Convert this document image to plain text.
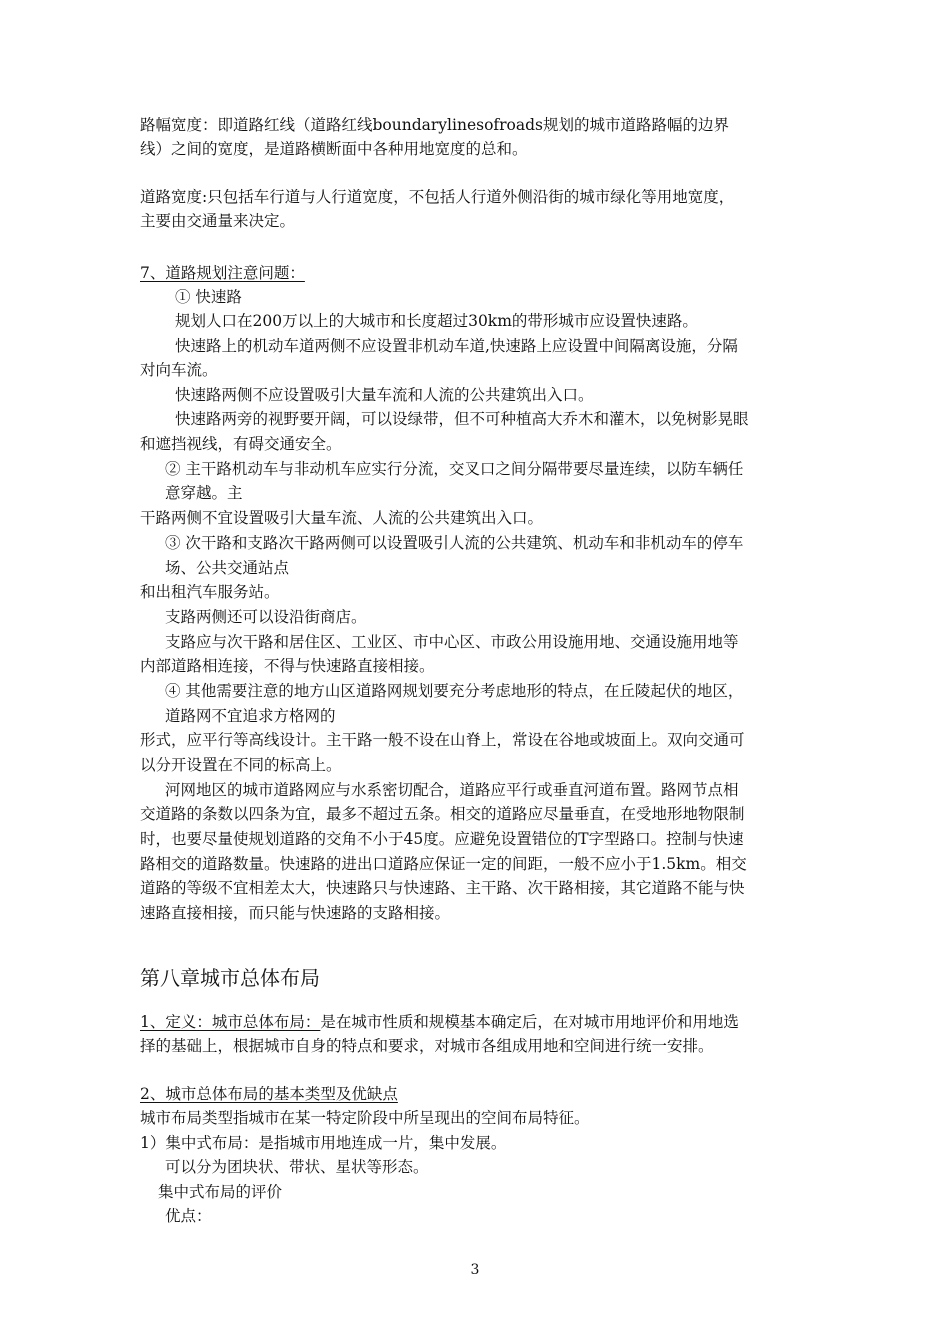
路幅宽度：即道路红线（道路红线boundarylinesofroads规划的城市道路路幅的边界
线）之间的宽度，是道路横断面中各种用地宽度的总和。
道路宽度:只包括车行道与人行道宽度，不包括人行道外侧沿街的城市绿化等用地宽度，
主要由交通量来决定。
7、道路规划注意问题：
① 快速路
规划人口在200万以上的大城市和长度超过30km的带形城市应设置快速路。
快速路上的机动车道两侧不应设置非机动车道,快速路上应设置中间隔离设施，分隔
对向车流。
快速路两侧不应设置吸引大量车流和人流的公共建筑出入口。
快速路两旁的视野要开阔，可以设绿带，但不可种植高大乔木和灌木，以免树影晃眼
和遮挡视线，有碍交通安全。
② 主干路机动车与非动机车应实行分流，交叉口之间分隔带要尽量连续，以防车辆任
意穿越。主
干路两侧不宜设置吸引大量车流、人流的公共建筑出入口。
③ 次干路和支路次干路两侧可以设置吸引人流的公共建筑、机动车和非机动车的停车
场、公共交通站点
和出租汽车服务站。
支路两侧还可以设沿街商店。
支路应与次干路和居住区、工业区、市中心区、市政公用设施用地、交通设施用地等
内部道路相连接，不得与快速路直接相接。
④ 其他需要注意的地方山区道路网规划要充分考虑地形的特点，在丘陵起伏的地区，
道路网不宜追求方格网的
形式，应平行等高线设计。主干路一般不设在山脊上，常设在谷地或坡面上。双向交通可
以分开设置在不同的标高上。
河网地区的城市道路网应与水系密切配合，道路应平行或垂直河道布置。路网节点相
交道路的条数以四条为宜，最多不超过五条。相交的道路应尽量垂直，在受地形地物限制
时，也要尽量使规划道路的交角不小于45度。应避免设置错位的T字型路口。控制与快速
路相交的道路数量。快速路的进出口道路应保证一定的间距，一般不应小于1.5km。相交
道路的等级不宜相差太大，快速路只与快速路、主干路、次干路相接，其它道路不能与快
速路直接相接，而只能与快速路的支路相接。
第八章城市总体布局
1、定义：城市总体布局：是在城市性质和规模基本确定后，在对城市用地评价和用地选
择的基础上，根据城市自身的特点和要求，对城市各组成用地和空间进行统一安排。
2、城市总体布局的基本类型及优缺点
城市布局类型指城市在某一特定阶段中所呈现出的空间布局特征。
1）集中式布局：是指城市用地连成一片，集中发展。
可以分为团块状、带状、星状等形态。
集中式布局的评价
优点：
3
